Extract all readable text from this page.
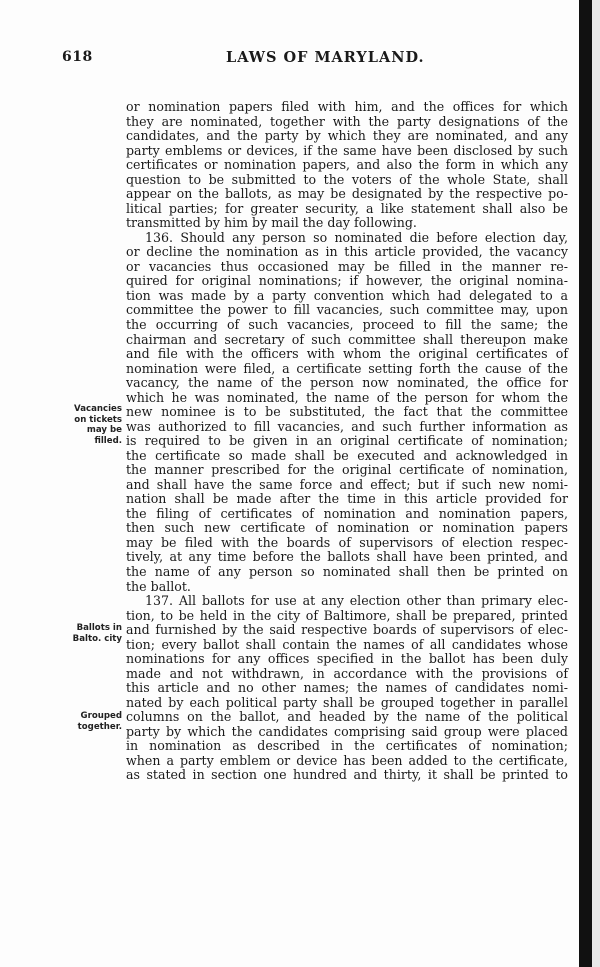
618	LAWS OF MARYLAND.
or nomination papers filed with him, and the offices for which
they are nominated, together with the party designations of the
candidates, and the party by which they are nominated, and any
party emblems or devices, if the same have been disclosed by such
certificates or nomination papers, and also the form in which any
question to be submitted to the voters of the whole State, shall
appear on the ballots, as may be designated by the respective po-
litical parties; for greater security, a like statement shall also be
transmitted by him by mail the day following.
136. Should any person so nominated die before election day,
or decline the nomination as in this article provided, the vacancy
or vacancies thus occasioned may be filled in the manner re-
quired for original nominations; if however, the original nomina-
tion was made by a party convention which had delegated to a
committee the power to fill vacancies, such committee may, upon
the occurring of such vacancies, proceed to fill the same; the
chairman and secretary of such committee shall thereupon make
and file with the officers with whom the original certificates of
nomination were filed, a certificate setting forth the cause of the
vacancy, the name of the person now nominated, the office for
which he was nominated, the name of the person for whom the
new nominee is to be substituted, the fact that the committee
was authorized to fill vacancies, and such further information as
is required to be given in an original certificate of nomination;
the certificate so made shall be executed and acknowledged in
the manner prescribed for the original certificate of nomination,
and shall have the same force and effect; but if such new nomi-
nation shall be made after the time in this article provided for
the filing of certificates of nomination and nomination papers,
then such new certificate of nomination or nomination papers
may be filed with the boards of supervisors of election respec-
tively, at any time before the ballots shall have been printed, and
the name of any person so nominated shall then be printed on
the ballot.
137. All ballots for use at any election other than primary elec-
tion, to be held in the city of Baltimore, shall be prepared, printed
and furnished by the said respective boards of supervisors of elec-
tion; every ballot shall contain the names of all candidates whose
nominations for any offices specified in the ballot has been duly
made and not withdrawn, in accordance with the provisions of
this article and no other names; the names of candidates nomi-
nated by each political party shall be grouped together in parallel
columns on the ballot, and headed by the name of the political
party by which the candidates comprising said group were placed
in nomination as described in the certificates of nomination;
when a party emblem or device has been added to the certificate,
as stated in section one hundred and thirty, it shall be printed to
Vacancies
on tickets
may be
filled.
Ballots in
Balto. city
Grouped
together.
